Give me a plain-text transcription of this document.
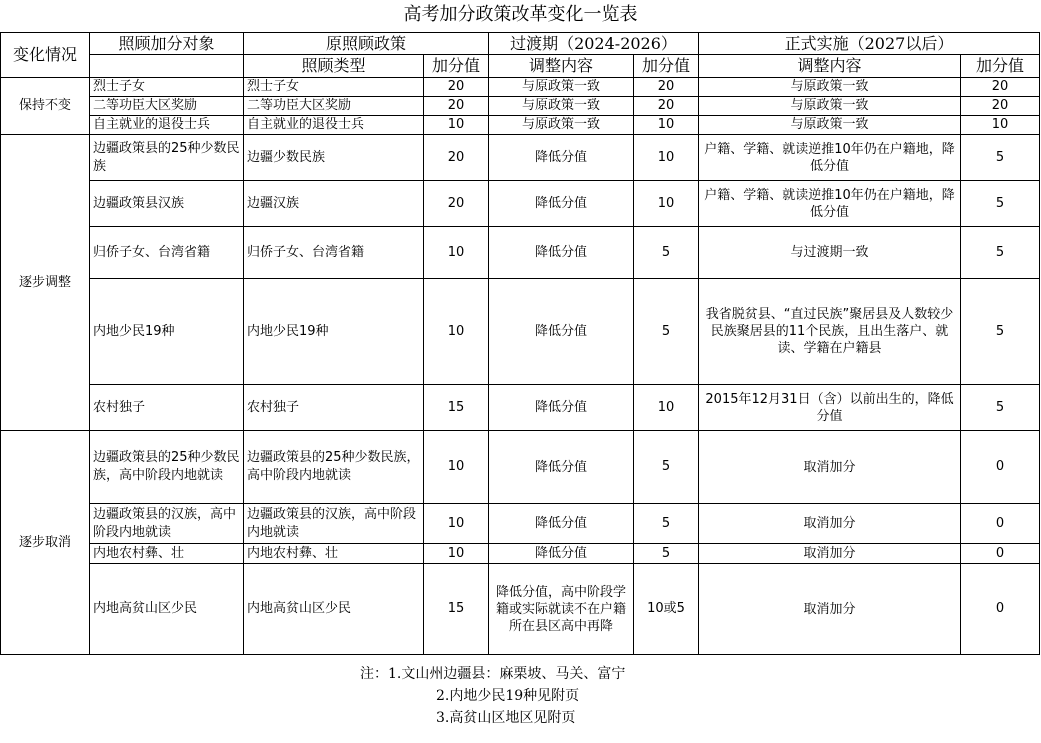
高考加分政策改革变化一览表
变化情况	照顾加分对象	原照顾政策		过渡期（2024-2026）		正式实施（2027以后）	
		照顾类型	加分值	调整内容	加分值	调整内容	加分值
保持不变	烈士子女	烈士子女	20	与原政策一致	20	与原政策一致	20
	二等功臣大区奖励	二等功臣大区奖励	20	与原政策一致	20	与原政策一致	20
	自主就业的退役士兵	自主就业的退役士兵	10	与原政策一致	10	与原政策一致	10
逐步调整	边疆政策县的25种少数民族	边疆少数民族	20	降低分值	10	户籍、学籍、就读逆推10年仍在户籍地，降低分值	5
	边疆政策县汉族	边疆汉族	20	降低分值	10	户籍、学籍、就读逆推10年仍在户籍地，降低分值	5
	归侨子女、台湾省籍	归侨子女、台湾省籍	10	降低分值	5	与过渡期一致	5
	内地少民19种	内地少民19种	10	降低分值	5	我省脱贫县、“直过民族”聚居县及人数较少民族聚居县的11个民族，且出生落户、就读、学籍在户籍县	5
	农村独子	农村独子	15	降低分值	10	2015年12月31日（含）以前出生的，降低分值	5
逐步取消	边疆政策县的25种少数民族，高中阶段内地就读	边疆政策县的25种少数民族，高中阶段内地就读	10	降低分值	5	取消加分	0
	边疆政策县的汉族，高中阶段内地就读	边疆政策县的汉族，高中阶段内地就读	10	降低分值	5	取消加分	0
	内地农村彝、壮	内地农村彝、壮	10	降低分值	5	取消加分	0
	内地高贫山区少民	内地高贫山区少民	15	降低分值，高中阶段学籍或实际就读不在户籍所在县区高中再降	10或5	取消加分	0
注：1.文山州边疆县：麻栗坡、马关、富宁
2.内地少民19种见附页
3.高贫山区地区见附页
